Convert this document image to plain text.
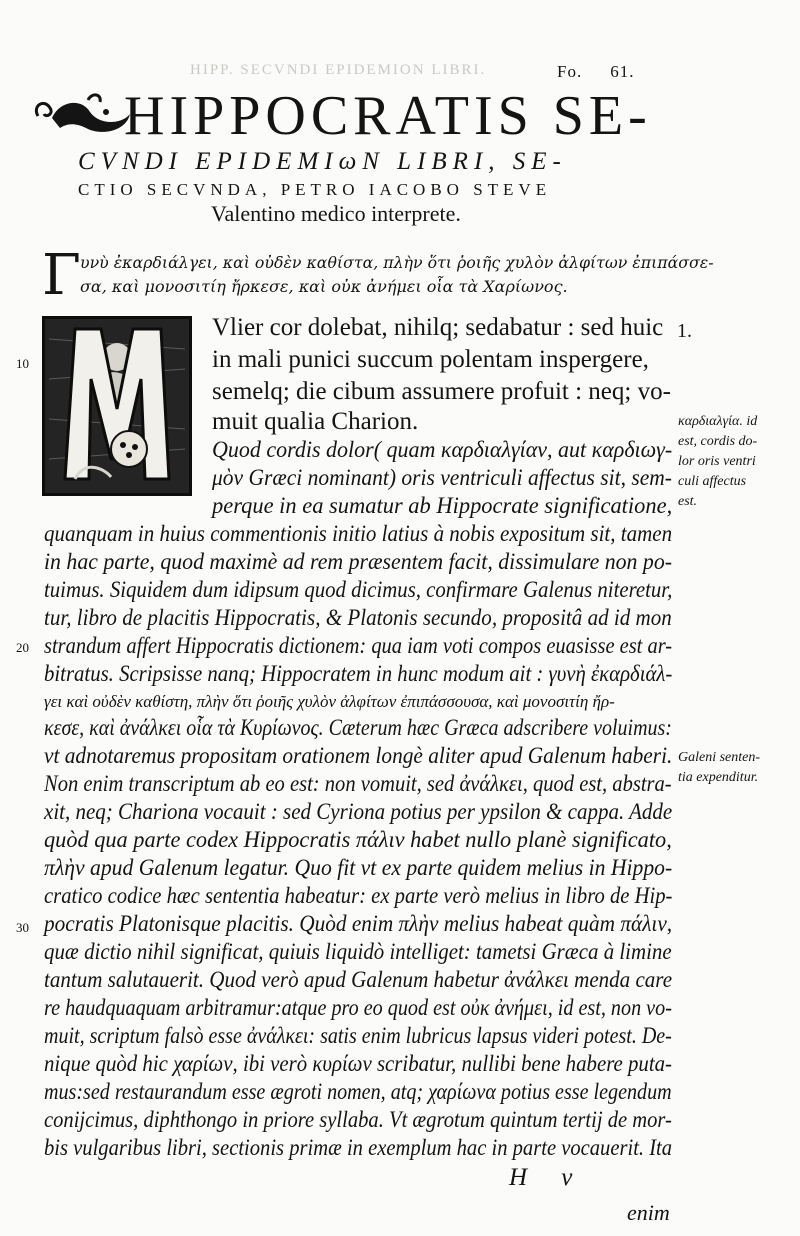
HIPP. SECVNDI EPIDEMION LIBRI.	Fo. 61.
HIPPOCRATIS SE-
CVNDI EPIDEMIωN LIBRI, SE-
CTIO SECVNDA, PETRO IACOBO STEVE
Valentino medico interprete.
Γ υνὺ ἐκαρδιάλγει, καὶ οὐδὲν καθίστα, πλὴν ὅτι ῥοιῆς χυλὸν ἀλφίτων ἐπιπάσσε-
σα, καὶ μονοσιτίη ἤρκεσε, καὶ οὐκ ἀνήμει οἷα τὰ Χαρίωνος.
Vlier cor dolebat, nihilq; sedabatur : sed huic
in mali punici succum polentam inspergere,
semelq; die cibum assumere profuit : neq; vo-
muit qualia Charion.
1.
Quod cordis dolor( quam καρδιαλγίαν, aut καρδιωγ-
μὸν Græci nominant) oris ventriculi affectus sit, sem-
perque in ea sumatur ab Hippocrate significatione,
quanquam in huius commentionis initio latius à nobis expositum sit, tamen
in hac parte, quod maximè ad rem præsentem facit, dissimulare non po-
tuimus. Siquidem dum idipsum quod dicimus, confirmare Galenus niteretur,
tur, libro de placitis Hippocratis, & Platonis secundo, propositâ ad id mon
strandum affert Hippocratis dictionem: qua iam voti compos euasisse est ar-
bitratus. Scripsisse nanq; Hippocratem in hunc modum ait : γυνὴ ἐκαρδιάλ-
γει καὶ οὐδὲν καθίστη, πλὴν ὅτι ῥοιῆς χυλὸν ἀλφίτων ἐπιπάσσουσα, καὶ μονοσιτίη ἤρ-
κεσε, καὶ ἀνάλκει οἷα τὰ Κυρίωνος. Cæterum hæc Græca adscribere voluimus:
vt adnotaremus propositam orationem longè aliter apud Galenum haberi.
Non enim transcriptum ab eo est: non vomuit, sed ἀνάλκει, quod est, abstra-
xit, neq; Chariona vocauit : sed Cyriona potius per ypsilon & cappa. Adde
quòd qua parte codex Hippocratis πάλιν habet nullo planè significato,
πλὴν apud Galenum legatur. Quo fit vt ex parte quidem melius in Hippo-
cratico codice hæc sententia habeatur: ex parte verò melius in libro de Hip-
pocratis Platonisque placitis. Quòd enim πλὴν melius habeat quàm πάλιν,
quæ dictio nihil significat, quiuis liquidò intelliget: tametsi Græca à limine
tantum salutauerit. Quod verò apud Galenum habetur ἀνάλκει menda care
re haudquaquam arbitramur:atque pro eo quod est οὐκ ἀνήμει, id est, non vo-
muit, scriptum falsò esse ἀνάλκει: satis enim lubricus lapsus videri potest. De-
nique quòd hic χαρίων, ibi verò κυρίων scribatur, nullibi bene habere puta-
mus:sed restaurandum esse ægroti nomen, atq; χαρίωνα potius esse legendum
conijcimus, diphthongo in priore syllaba. Vt ægrotum quintum tertij de mor-
bis vulgaribus libri, sectionis primæ in exemplum hac in parte vocauerit. Ita
10
20
30
καρδιαλγία. id
est, cordis do-
lor oris ventri
culi affectus
est.
Galeni senten-
tia expenditur.
H v
enim
